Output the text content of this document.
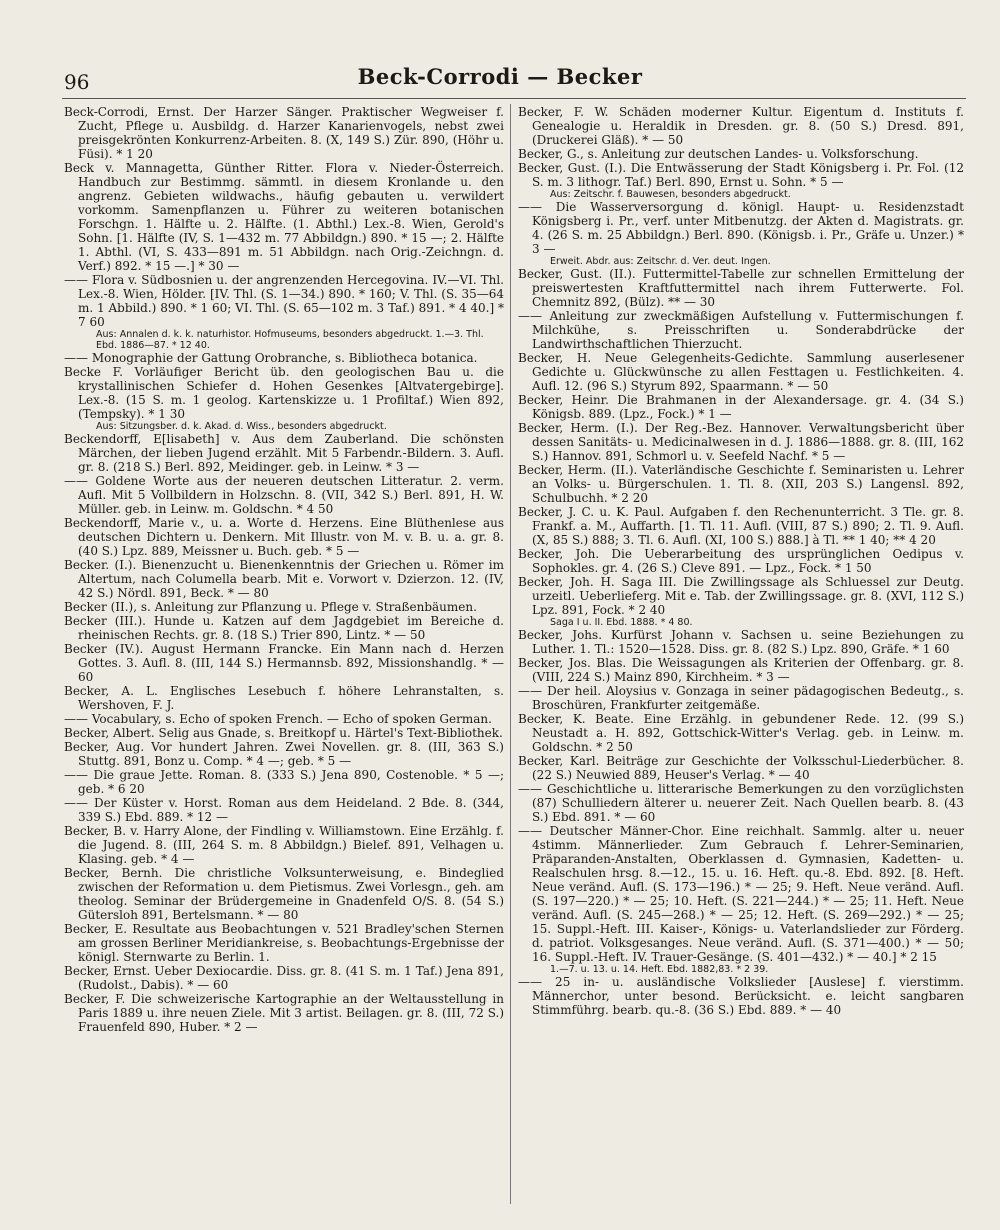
96	Beck-Corrodi — Becker

Beck-Corrodi, Ernst. Der Harzer Sänger. Praktischer Wegweiser f. Zucht, Pflege u. Ausbildg. d. Harzer Kanarienvogels, nebst zwei preisgekrönten Konkurrenz-Arbeiten. 8. (X, 149 S.) Zür. 890, (Höhr u. Füsi). * 1 20

Beck v. Mannagetta, Günther Ritter. Flora v. Nieder-Österreich. Handbuch zur Bestimmg. sämmtl. in diesem Kronlande u. den angrenz. Gebieten wildwachs., häufig gebauten u. verwildert vorkomm. Samenpflanzen u. Führer zu weiteren botanischen Forschgn. 1. Hälfte u. 2. Hälfte. (1. Abthl.) Lex.-8. Wien, Gerold's Sohn. [1. Hälfte (IV, S. 1—432 m. 77 Abbildgn.) 890. * 15 —; 2. Hälfte 1. Abthl. (VI, S. 433—891 m. 51 Abbildgn. nach Orig.-Zeichngn. d. Verf.) 892. * 15 —.] * 30 —

—— Flora v. Südbosnien u. der angrenzenden Hercegovina. IV.—VI. Thl. Lex.-8. Wien, Hölder. [IV. Thl. (S. 1—34.) 890. * 160; V. Thl. (S. 35—64 m. 1 Abbild.) 890. * 1 60; VI. Thl. (S. 65—102 m. 3 Taf.) 891. * 4 40.] * 7 60

Aus: Annalen d. k. k. naturhistor. Hofmuseums, besonders abgedruckt. 1.—3. Thl. Ebd. 1886—87. * 12 40.

—— Monographie der Gattung Orobranche, s. Bibliotheca botanica.

Becke F. Vorläufiger Bericht üb. den geologischen Bau u. die krystallinischen Schiefer d. Hohen Gesenkes [Altvatergebirge]. Lex.-8. (15 S. m. 1 geolog. Kartenskizze u. 1 Profiltaf.) Wien 892, (Tempsky). * 1 30

Aus: Sitzungsber. d. k. Akad. d. Wiss., besonders abgedruckt.

Beckendorff, E[lisabeth] v. Aus dem Zauberland. Die schönsten Märchen, der lieben Jugend erzählt. Mit 5 Farbendr.-Bildern. 3. Aufl. gr. 8. (218 S.) Berl. 892, Meidinger. geb. in Leinw. * 3 —

—— Goldene Worte aus der neueren deutschen Litteratur. 2. verm. Aufl. Mit 5 Vollbildern in Holzschn. 8. (VII, 342 S.) Berl. 891, H. W. Müller. geb. in Leinw. m. Goldschn. * 4 50

Beckendorff, Marie v., u. a. Worte d. Herzens. Eine Blüthenlese aus deutschen Dichtern u. Denkern. Mit Illustr. von M. v. B. u. a. gr. 8. (40 S.) Lpz. 889, Meissner u. Buch. geb. * 5 —

Becker. (I.). Bienenzucht u. Bienenkenntnis der Griechen u. Römer im Altertum, nach Columella bearb. Mit e. Vorwort v. Dzierzon. 12. (IV, 42 S.) Nördl. 891, Beck. * — 80

Becker (II.), s. Anleitung zur Pflanzung u. Pflege v. Straßenbäumen.

Becker (III.). Hunde u. Katzen auf dem Jagdgebiet im Bereiche d. rheinischen Rechts. gr. 8. (18 S.) Trier 890, Lintz. * — 50

Becker (IV.). August Hermann Francke. Ein Mann nach d. Herzen Gottes. 3. Aufl. 8. (III, 144 S.) Hermannsb. 892, Missionshandlg. * — 60

Becker, A. L. Englisches Lesebuch f. höhere Lehranstalten, s. Wershoven, F. J.

—— Vocabulary, s. Echo of spoken French. — Echo of spoken German.

Becker, Albert. Selig aus Gnade, s. Breitkopf u. Härtel's Text-Bibliothek.

Becker, Aug. Vor hundert Jahren. Zwei Novellen. gr. 8. (III, 363 S.) Stuttg. 891, Bonz u. Comp. * 4 —; geb. * 5 —

—— Die graue Jette. Roman. 8. (333 S.) Jena 890, Costenoble. * 5 —; geb. * 6 20

—— Der Küster v. Horst. Roman aus dem Heideland. 2 Bde. 8. (344, 339 S.) Ebd. 889. * 12 —

Becker, B. v. Harry Alone, der Findling v. Williamstown. Eine Erzählg. f. die Jugend. 8. (III, 264 S. m. 8 Abbildgn.) Bielef. 891, Velhagen u. Klasing. geb. * 4 —

Becker, Bernh. Die christliche Volksunterweisung, e. Bindeglied zwischen der Reformation u. dem Pietismus. Zwei Vorlesgn., geh. am theolog. Seminar der Brüdergemeine in Gnadenfeld O/S. 8. (54 S.) Gütersloh 891, Bertelsmann. * — 80

Becker, E. Resultate aus Beobachtungen v. 521 Bradley'schen Sternen am grossen Berliner Meridiankreise, s. Beobachtungs-Ergebnisse der königl. Sternwarte zu Berlin. 1.

Becker, Ernst. Ueber Dexiocardie. Diss. gr. 8. (41 S. m. 1 Taf.) Jena 891, (Rudolst., Dabis). * — 60

Becker, F. Die schweizerische Kartographie an der Weltausstellung in Paris 1889 u. ihre neuen Ziele. Mit 3 artist. Beilagen. gr. 8. (III, 72 S.) Frauenfeld 890, Huber. * 2 —

Becker, F. W. Schäden moderner Kultur. Eigentum d. Instituts f. Genealogie u. Heraldik in Dresden. gr. 8. (50 S.) Dresd. 891, (Druckerei Gläß). * — 50

Becker, G., s. Anleitung zur deutschen Landes- u. Volksforschung.

Becker, Gust. (I.). Die Entwässerung der Stadt Königsberg i. Pr. Fol. (12 S. m. 3 lithogr. Taf.) Berl. 890, Ernst u. Sohn. * 5 —

Aus: Zeitschr. f. Bauwesen, besonders abgedruckt.

—— Die Wasserversorgung d. königl. Haupt- u. Residenzstadt Königsberg i. Pr., verf. unter Mitbenutzg. der Akten d. Magistrats. gr. 4. (26 S. m. 25 Abbildgn.) Berl. 890. (Königsb. i. Pr., Gräfe u. Unzer.) * 3 —

Erweit. Abdr. aus: Zeitschr. d. Ver. deut. Ingen.

Becker, Gust. (II.). Futtermittel-Tabelle zur schnellen Ermittelung der preiswertesten Kraftfuttermittel nach ihrem Futterwerte. Fol. Chemnitz 892, (Bülz). ** — 30

—— Anleitung zur zweckmäßigen Aufstellung v. Futtermischungen f. Milchkühe, s. Preisschriften u. Sonderabdrücke der Landwirthschaftlichen Thierzucht.

Becker, H. Neue Gelegenheits-Gedichte. Sammlung auserlesener Gedichte u. Glückwünsche zu allen Festtagen u. Festlichkeiten. 4. Aufl. 12. (96 S.) Styrum 892, Spaarmann. * — 50

Becker, Heinr. Die Brahmanen in der Alexandersage. gr. 4. (34 S.) Königsb. 889. (Lpz., Fock.) * 1 —

Becker, Herm. (I.). Der Reg.-Bez. Hannover. Verwaltungsbericht über dessen Sanitäts- u. Medicinalwesen in d. J. 1886—1888. gr. 8. (III, 162 S.) Hannov. 891, Schmorl u. v. Seefeld Nachf. * 5 —

Becker, Herm. (II.). Vaterländische Geschichte f. Seminaristen u. Lehrer an Volks- u. Bürgerschulen. 1. Tl. 8. (XII, 203 S.) Langensl. 892, Schulbuchh. * 2 20

Becker, J. C. u. K. Paul. Aufgaben f. den Rechenunterricht. 3 Tle. gr. 8. Frankf. a. M., Auffarth. [1. Tl. 11. Aufl. (VIII, 87 S.) 890; 2. Tl. 9. Aufl. (X, 85 S.) 888; 3. Tl. 6. Aufl. (XI, 100 S.) 888.] à Tl. ** 1 40; ** 4 20

Becker, Joh. Die Ueberarbeitung des ursprünglichen Oedipus v. Sophokles. gr. 4. (26 S.) Cleve 891. — Lpz., Fock. * 1 50

Becker, Joh. H. Saga III. Die Zwillingssage als Schluessel zur Deutg. urzeitl. Ueberlieferg. Mit e. Tab. der Zwillingssage. gr. 8. (XVI, 112 S.) Lpz. 891, Fock. * 2 40

Saga I u. II. Ebd. 1888. * 4 80.

Becker, Johs. Kurfürst Johann v. Sachsen u. seine Beziehungen zu Luther. 1. Tl.: 1520—1528. Diss. gr. 8. (82 S.) Lpz. 890, Gräfe. * 1 60

Becker, Jos. Blas. Die Weissagungen als Kriterien der Offenbarg. gr. 8. (VIII, 224 S.) Mainz 890, Kirchheim. * 3 —

—— Der heil. Aloysius v. Gonzaga in seiner pädagogischen Bedeutg., s. Broschüren, Frankfurter zeitgemäße.

Becker, K. Beate. Eine Erzählg. in gebundener Rede. 12. (99 S.) Neustadt a. H. 892, Gottschick-Witter's Verlag. geb. in Leinw. m. Goldschn. * 2 50

Becker, Karl. Beiträge zur Geschichte der Volksschul-Liederbücher. 8. (22 S.) Neuwied 889, Heuser's Verlag. * — 40

—— Geschichtliche u. litterarische Bemerkungen zu den vorzüglichsten (87) Schulliedern älterer u. neuerer Zeit. Nach Quellen bearb. 8. (43 S.) Ebd. 891. * — 60

—— Deutscher Männer-Chor. Eine reichhalt. Sammlg. alter u. neuer 4stimm. Männerlieder. Zum Gebrauch f. Lehrer-Seminarien, Präparanden-Anstalten, Oberklassen d. Gymnasien, Kadetten- u. Realschulen hrsg. 8.—12., 15. u. 16. Heft. qu.-8. Ebd. 892. [8. Heft. Neue veränd. Aufl. (S. 173—196.) * — 25; 9. Heft. Neue veränd. Aufl. (S. 197—220.) * — 25; 10. Heft. (S. 221—244.) * — 25; 11. Heft. Neue veränd. Aufl. (S. 245—268.) * — 25; 12. Heft. (S. 269—292.) * — 25; 15. Suppl.-Heft. III. Kaiser-, Königs- u. Vaterlandslieder zur Förderg. d. patriot. Volksgesanges. Neue veränd. Aufl. (S. 371—400.) * — 50; 16. Suppl.-Heft. IV. Trauer-Gesänge. (S. 401—432.) * — 40.] * 2 15

1.—7. u. 13. u. 14. Heft. Ebd. 1882,83. * 2 39.

—— 25 in- u. ausländische Volkslieder [Auslese] f. vierstimm. Männerchor, unter besond. Berücksicht. e. leicht sangbaren Stimmführg. bearb. qu.-8. (36 S.) Ebd. 889. * — 40
